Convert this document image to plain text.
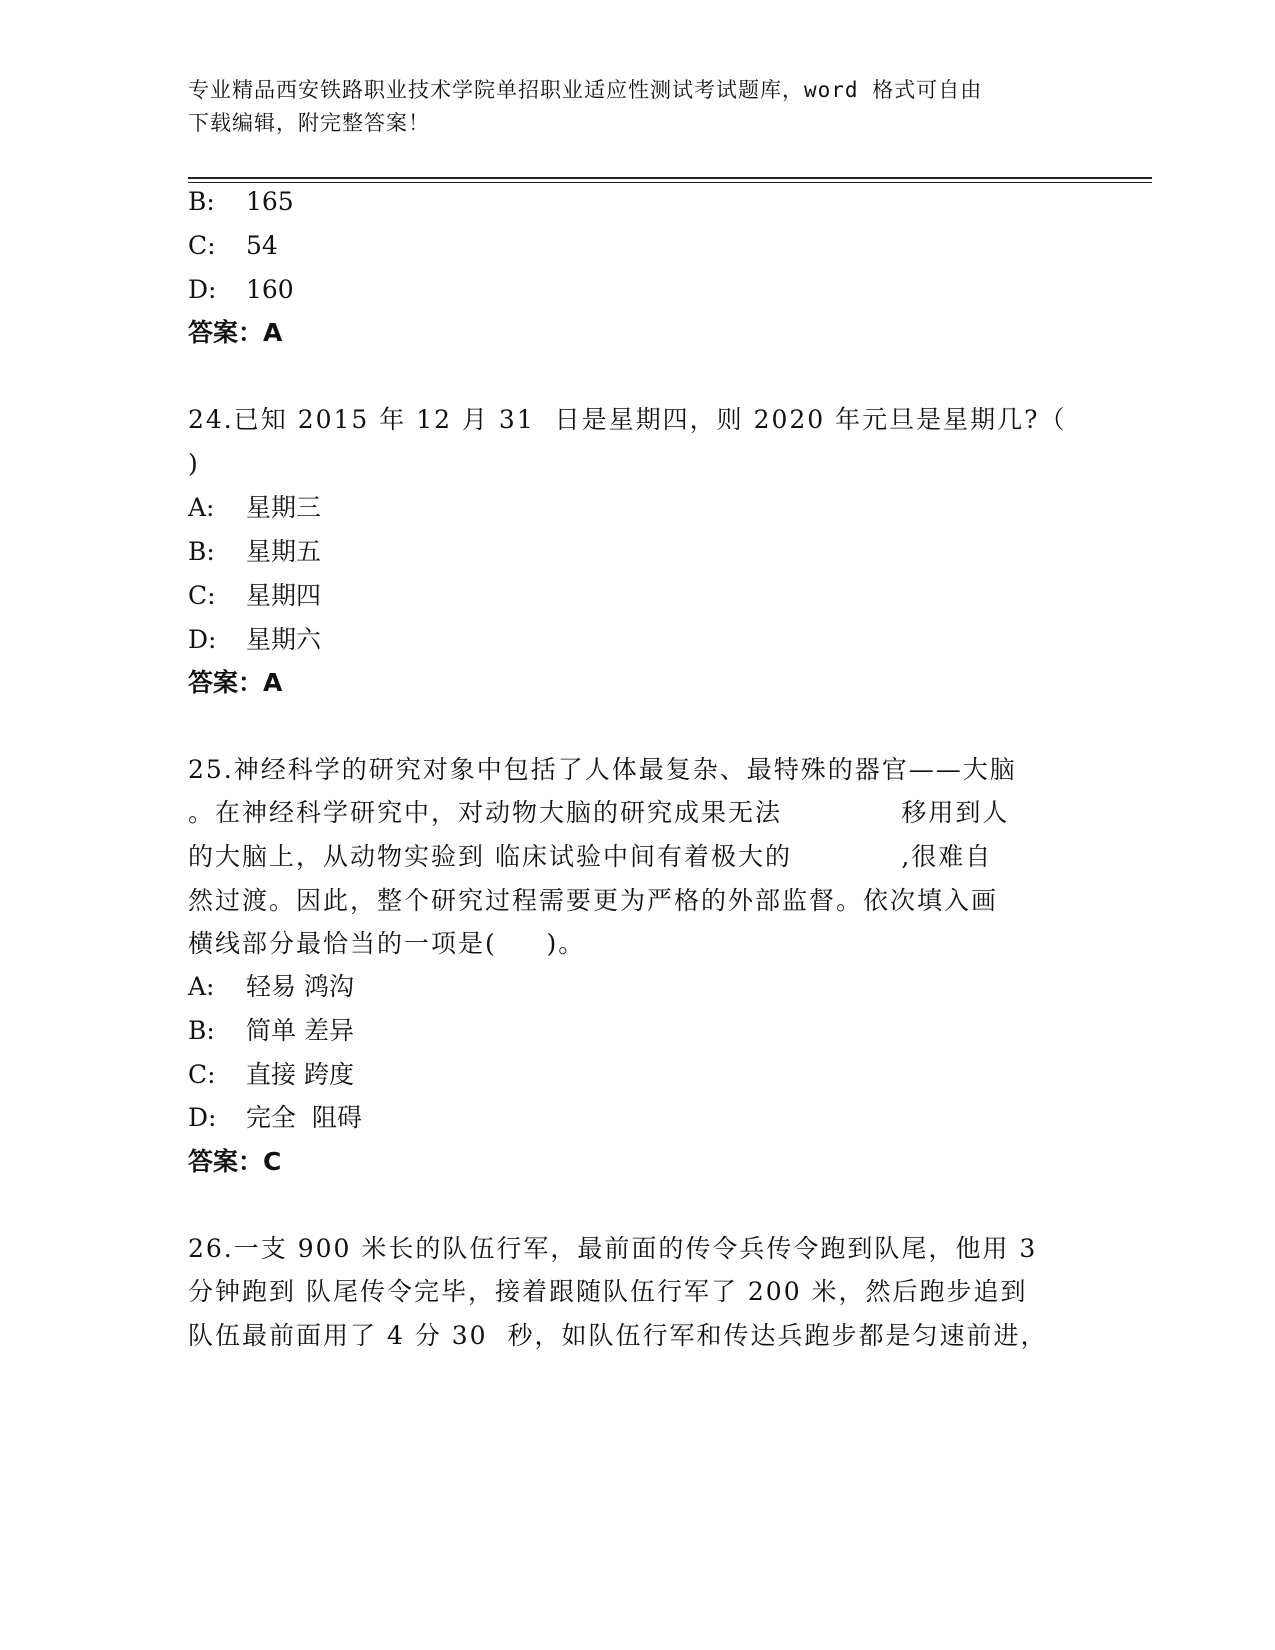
专业精品西安铁路职业技术学院单招职业适应性测试考试题库，word 格式可自由
下载编辑，附完整答案！
B: 165
C: 54
D: 160
答案：A
24.已知 2015 年 12 月 31  日是星期四，则 2020 年元旦是星期几?（
)
A: 星期三
B: 星期五
C: 星期四
D: 星期六
答案：A
25.神经科学的研究对象中包括了人体最复杂、最特殊的器官——大脑
。在神经科学研究中，对动物大脑的研究成果无法            移用到人
的大脑上，从动物实验到 临床试验中间有着极大的           ,很难自
然过渡。因此，整个研究过程需要更为严格的外部监督。依次填入画
横线部分最恰当的一项是(     )。
A: 轻易 鸿沟
B: 简单 差异
C: 直接 跨度
D: 完全  阻碍
答案：C
26.一支 900 米长的队伍行军，最前面的传令兵传令跑到队尾，他用 3
分钟跑到 队尾传令完毕，接着跟随队伍行军了 200 米，然后跑步追到
队伍最前面用了 4 分 30  秒，如队伍行军和传达兵跑步都是匀速前进，
